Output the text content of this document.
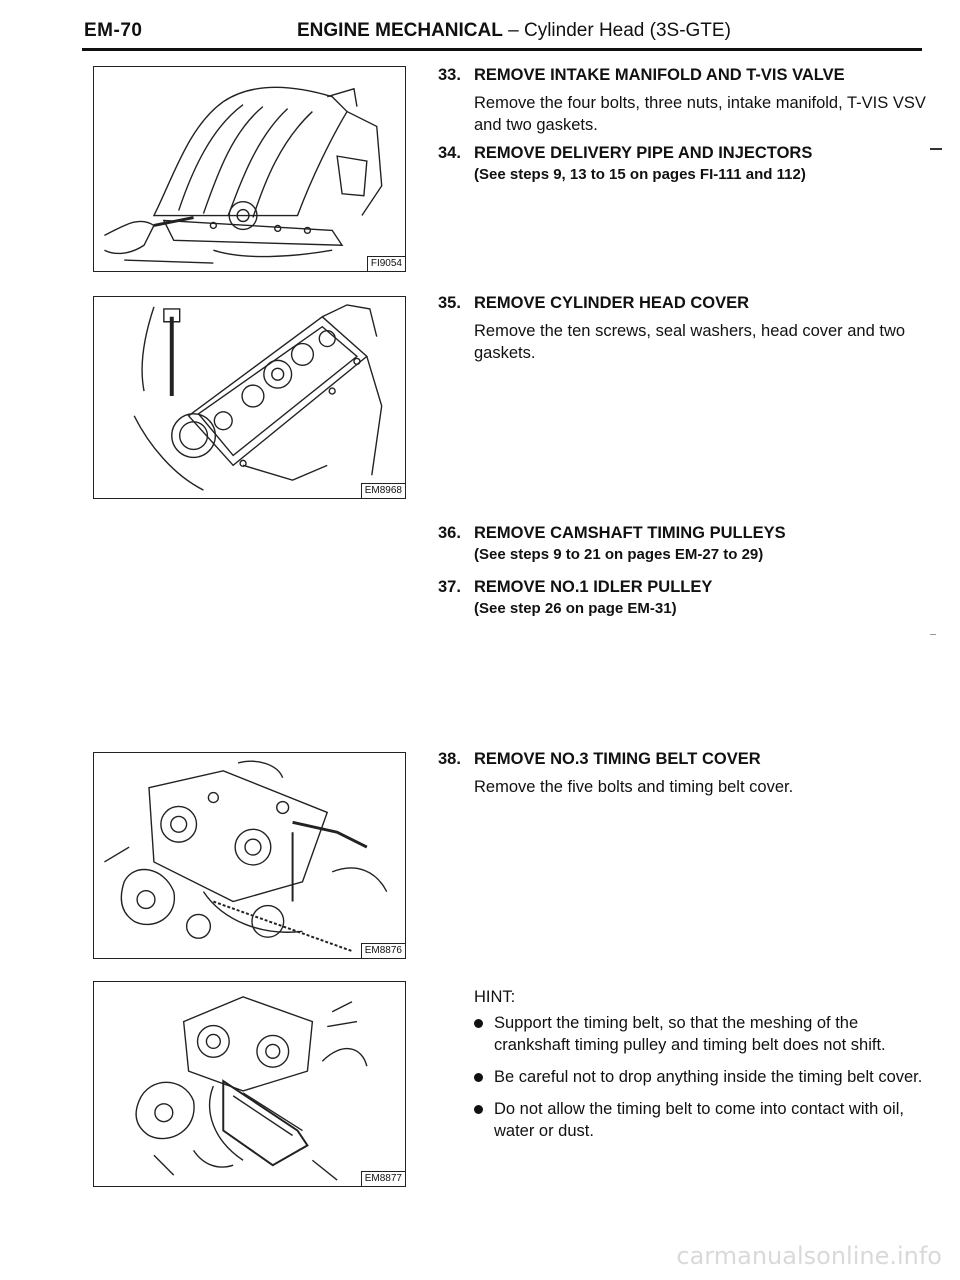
EM-70	ENGINE MECHANICAL – Cylinder Head (3S-GTE)
FI9054
EM8968
EM8876
EM8877
33. REMOVE INTAKE MANIFOLD AND T-VIS VALVE
Remove the four bolts, three nuts, intake manifold, T-VIS VSV and two gaskets.
34. REMOVE DELIVERY PIPE AND INJECTORS
(See steps 9, 13 to 15 on pages FI-111 and 112)
35. REMOVE CYLINDER HEAD COVER
Remove the ten screws, seal washers, head cover and two gaskets.
36. REMOVE CAMSHAFT TIMING PULLEYS
(See steps 9 to 21 on pages EM-27 to 29)
37. REMOVE NO.1 IDLER PULLEY
(See step 26 on page EM-31)
38. REMOVE NO.3 TIMING BELT COVER
Remove the five bolts and timing belt cover.
HINT:
Support the timing belt, so that the meshing of the crankshaft timing pulley and timing belt does not shift.
Be careful not to drop anything inside the timing belt cover.
Do not allow the timing belt to come into contact with oil, water or dust.
carmanualsonline.info
